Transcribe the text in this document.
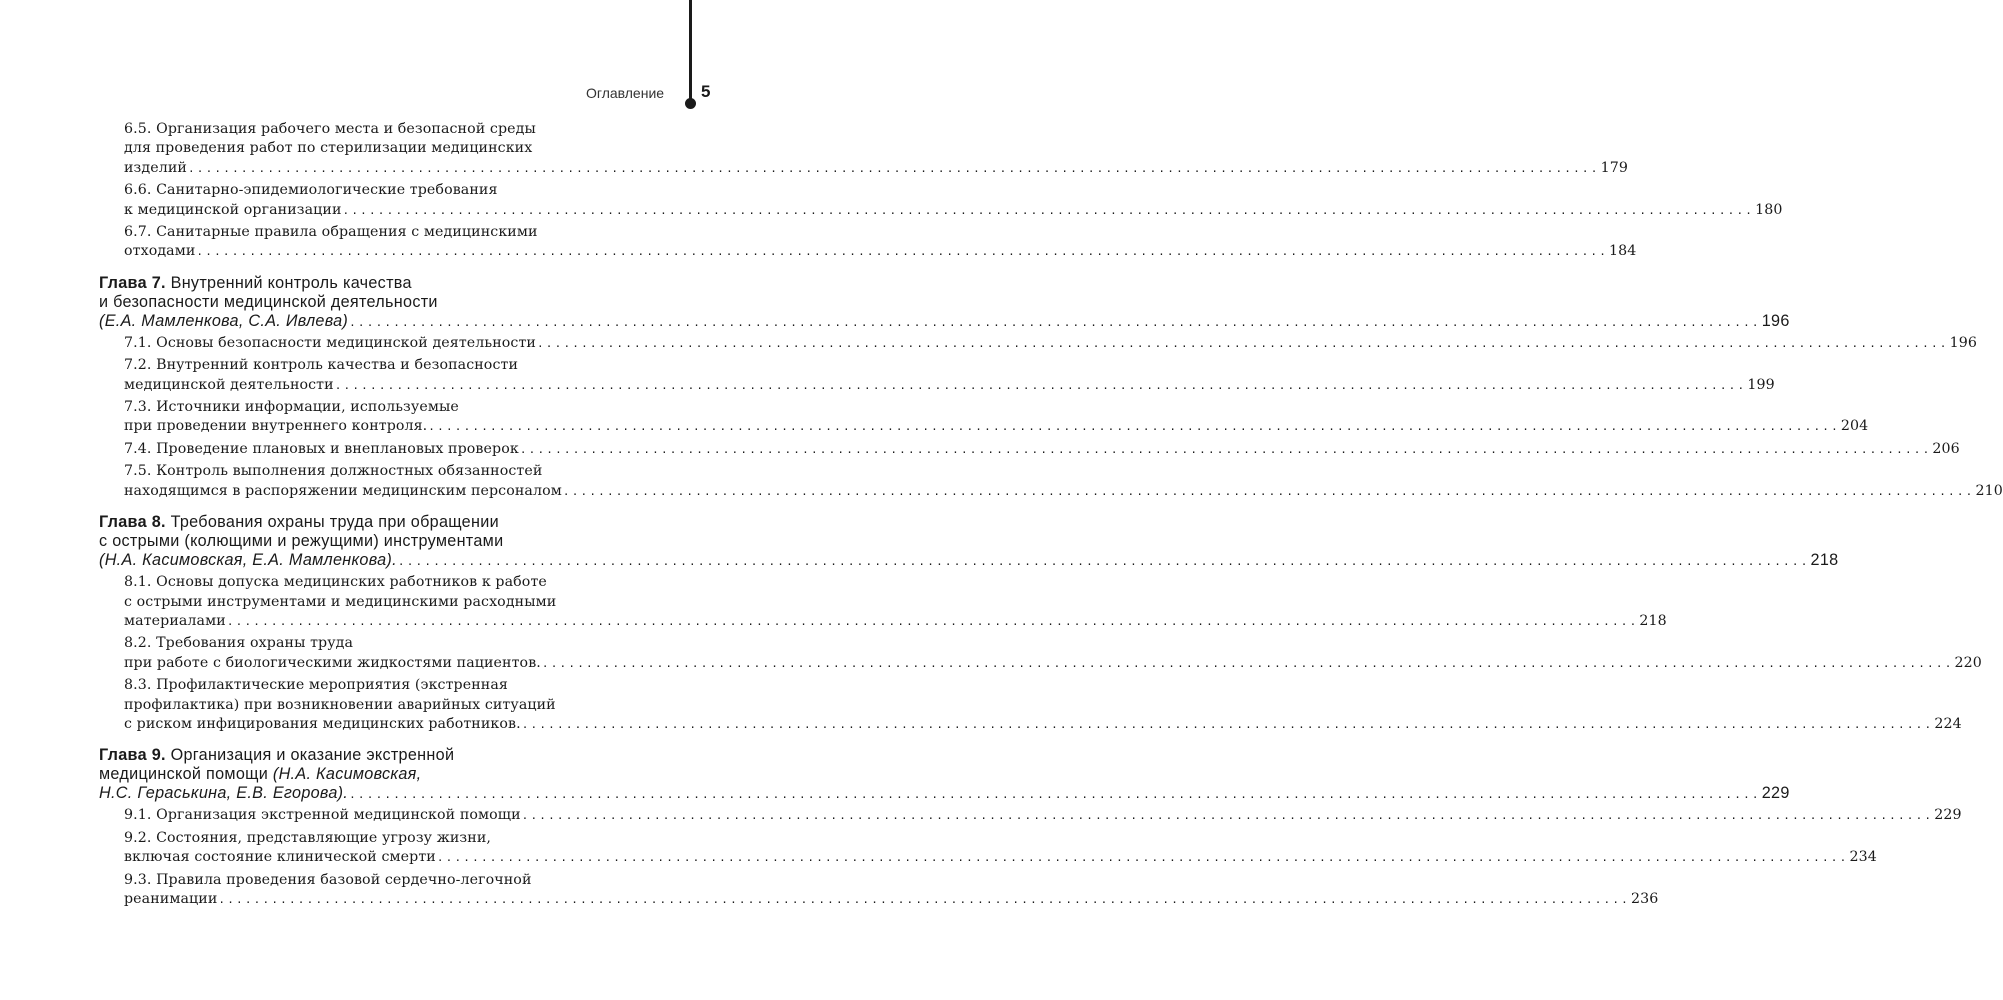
Оглавление 5
6.5. Организация рабочего места и безопасной среды
для проведения работ по стерилизации медицинских
изделий ................................................................................................................................................................ 179
6.6. Санитарно-эпидемиологические требования
к медицинской организации ................................................................................................................................................................ 180
6.7. Санитарные правила обращения с медицинскими
отходами ................................................................................................................................................................ 184
Глава 7. Внутренний контроль качества
и безопасности медицинской деятельности
(Е.А. Мамленкова, С.А. Ивлева) ................................................................................................................................................................ 196
7.1. Основы безопасности медицинской деятельности ................................................................................................................................................................ 196
7.2. Внутренний контроль качества и безопасности
медицинской деятельности ................................................................................................................................................................ 199
7.3. Источники информации, используемые
при проведении внутреннего контроля. ................................................................................................................................................................ 204
7.4. Проведение плановых и внеплановых проверок ................................................................................................................................................................ 206
7.5. Контроль выполнения должностных обязанностей
находящимся в распоряжении медицинским персоналом ................................................................................................................................................................ 210
Глава 8. Требования охраны труда при обращении
с острыми (колющими и режущими) инструментами
(Н.А. Касимовская, Е.А. Мамленкова). ................................................................................................................................................................ 218
8.1. Основы допуска медицинских работников к работе
с острыми инструментами и медицинскими расходными
материалами ................................................................................................................................................................ 218
8.2. Требования охраны труда
при работе с биологическими жидкостями пациентов. ................................................................................................................................................................ 220
8.3. Профилактические мероприятия (экстренная
профилактика) при возникновении аварийных ситуаций
с риском инфицирования медицинских работников. ................................................................................................................................................................ 224
Глава 9. Организация и оказание экстренной
медицинской помощи (Н.А. Касимовская,
Н.С. Гераськина, Е.В. Егорова). ................................................................................................................................................................ 229
9.1. Организация экстренной медицинской помощи ................................................................................................................................................................ 229
9.2. Состояния, представляющие угрозу жизни,
включая состояние клинической смерти ................................................................................................................................................................ 234
9.3. Правила проведения базовой сердечно-легочной
реанимации ................................................................................................................................................................ 236
